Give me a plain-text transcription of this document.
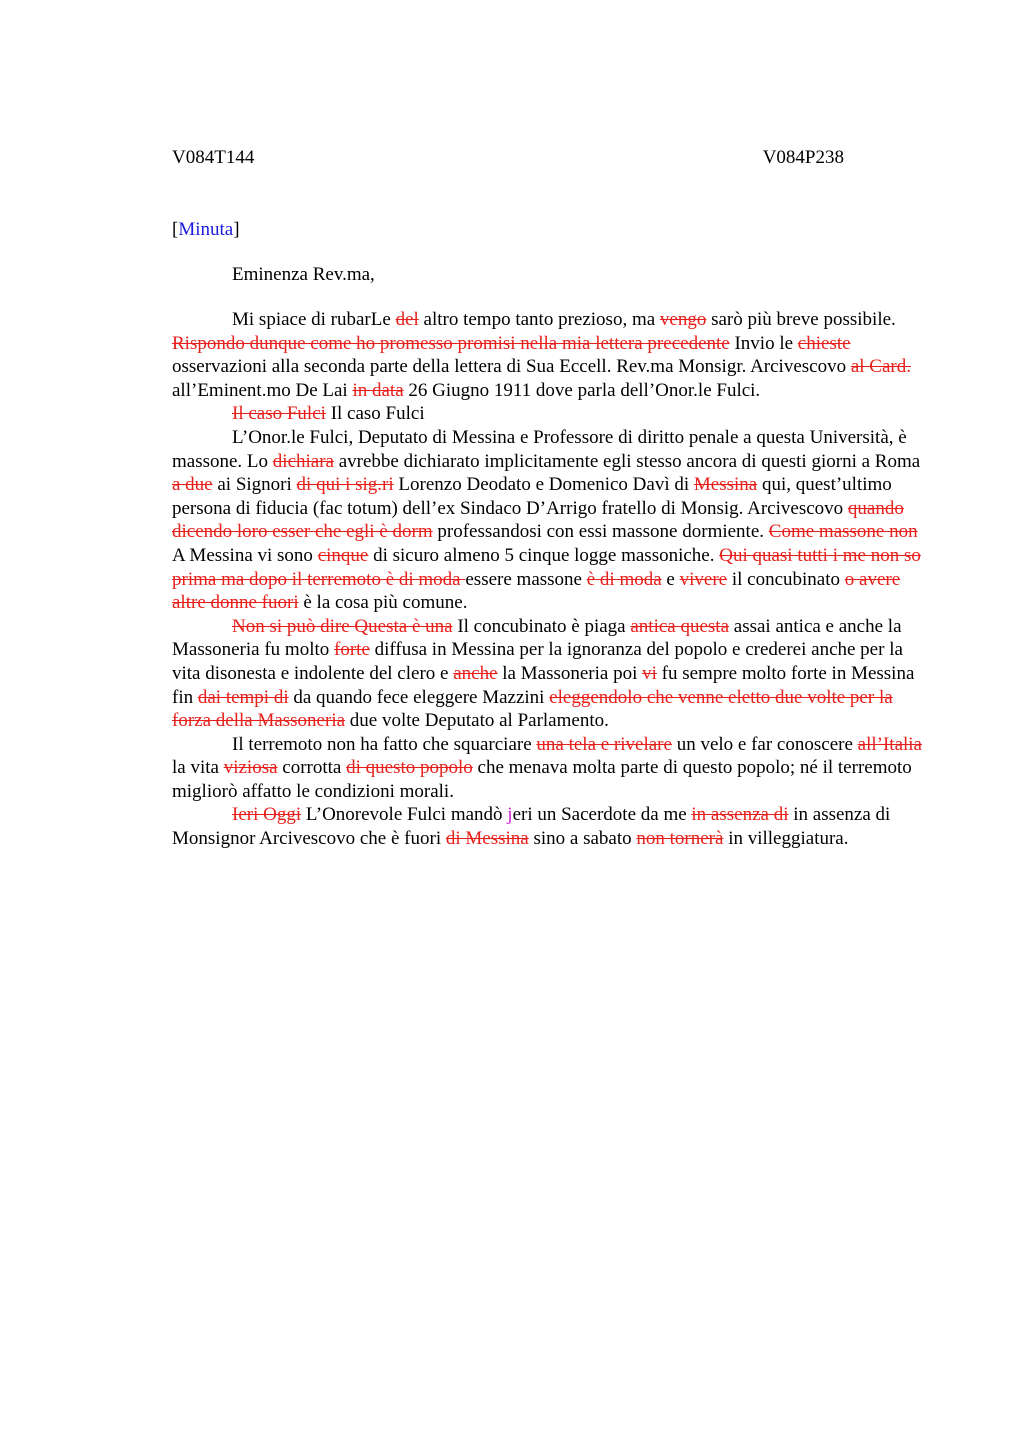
V084T144	V084P238
[Minuta]
Eminenza Rev.ma,

Mi spiace di rubarLe del altro tempo tanto prezioso, ma vengo sarò più breve possibile. Rispondo dunque come ho promesso promisi nella mia lettera precedente Invio le chieste osservazioni alla seconda parte della lettera di Sua Eccell. Rev.ma Monsigr. Arcivescovo al Card. all’Eminent.mo De Lai in data 26 Giugno 1911 dove parla dell’Onor.le Fulci.

Il caso Fulci Il caso Fulci

L’Onor.le Fulci, Deputato di Messina e Professore di diritto penale a questa Università, è massone. Lo dichiara avrebbe dichiarato implicitamente egli stesso ancora di questi giorni a Roma a due ai Signori di qui i sig.ri Lorenzo Deodato e Domenico Davì di Messina qui, quest’ultimo persona di fiducia (fac totum) dell’ex Sindaco D’Arrigo fratello di Monsig. Arcivescovo quando dicendo loro esser che egli è dorm professandosi con essi massone dormiente. Come massone non A Messina vi sono cinque di sicuro almeno 5 cinque logge massoniche. Qui quasi tutti i me non so prima ma dopo il terremoto è di moda essere massone è di moda e vivere il concubinato o avere altre donne fuori è la cosa più comune.

Non si può dire Questa è una Il concubinato è piaga antica questa assai antica e anche la Massoneria fu molto forte diffusa in Messina per la ignoranza del popolo e crederei anche per la vita disonesta e indolente del clero e anche la Massoneria poi vi fu sempre molto forte in Messina fin dai tempi di da quando fece eleggere Mazzini eleggendolo che venne eletto due volte per la forza della Massoneria due volte Deputato al Parlamento.

Il terremoto non ha fatto che squarciare una tela e rivelare un velo e far conoscere all’Italia la vita viziosa corrotta di questo popolo che menava molta parte di questo popolo; né il terremoto migliorò affatto le condizioni morali.

Ieri Oggi L’Onorevole Fulci mandò jeri un Sacerdote da me in assenza di in assenza di Monsignor Arcivescovo che è fuori di Messina sino a sabato non tornerà in villeggiatura.
